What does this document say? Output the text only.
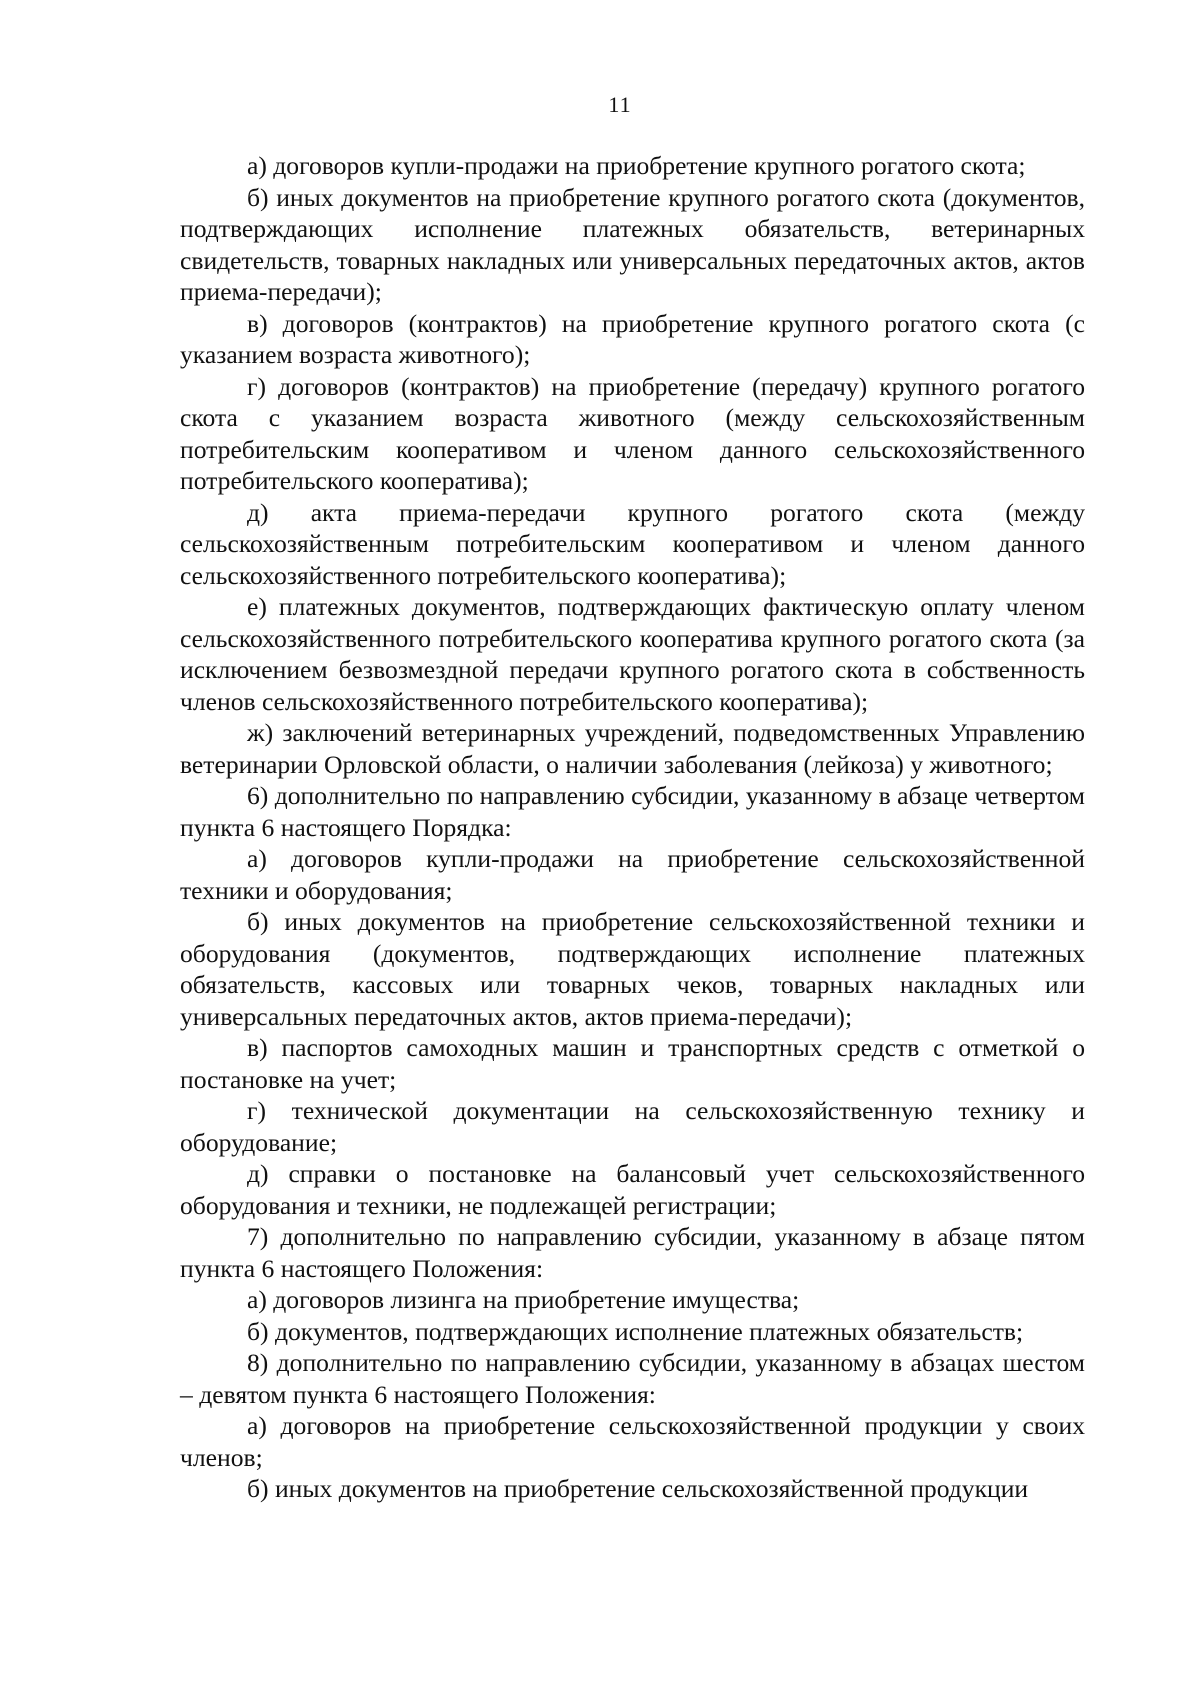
11

а) договоров купли-продажи на приобретение крупного рогатого скота;

б) иных документов на приобретение крупного рогатого скота (документов, подтверждающих исполнение платежных обязательств, ветеринарных свидетельств, товарных накладных или универсальных передаточных актов, актов приема-передачи);

в) договоров (контрактов) на приобретение крупного рогатого скота (с указанием возраста животного);

г) договоров (контрактов) на приобретение (передачу) крупного рогатого скота с указанием возраста животного (между сельскохозяйственным потребительским кооперативом и членом данного сельскохозяйственного потребительского кооператива);

д) акта приема-передачи крупного рогатого скота (между сельскохозяйственным потребительским кооперативом и членом данного сельскохозяйственного потребительского кооператива);

е) платежных документов, подтверждающих фактическую оплату членом сельскохозяйственного потребительского кооператива крупного рогатого скота (за исключением безвозмездной передачи крупного рогатого скота в собственность членов сельскохозяйственного потребительского кооператива);

ж) заключений ветеринарных учреждений, подведомственных Управлению ветеринарии Орловской области, о наличии заболевания (лейкоза) у животного;

6) дополнительно по направлению субсидии, указанному в абзаце четвертом пункта 6 настоящего Порядка:

а) договоров купли-продажи на приобретение сельскохозяйственной техники и оборудования;

б) иных документов на приобретение сельскохозяйственной техники и оборудования (документов, подтверждающих исполнение платежных обязательств, кассовых или товарных чеков, товарных накладных или универсальных передаточных актов, актов приема-передачи);

в) паспортов самоходных машин и транспортных средств с отметкой о постановке на учет;

г) технической документации на сельскохозяйственную технику и оборудование;

д) справки о постановке на балансовый учет сельскохозяйственного оборудования и техники, не подлежащей регистрации;

7) дополнительно по направлению субсидии, указанному в абзаце пятом пункта 6 настоящего Положения:

а) договоров лизинга на приобретение имущества;

б) документов, подтверждающих исполнение платежных обязательств;

8) дополнительно по направлению субсидии, указанному в абзацах шестом – девятом пункта 6 настоящего Положения:

а) договоров на приобретение сельскохозяйственной продукции у своих членов;

б) иных документов на приобретение сельскохозяйственной продукции
